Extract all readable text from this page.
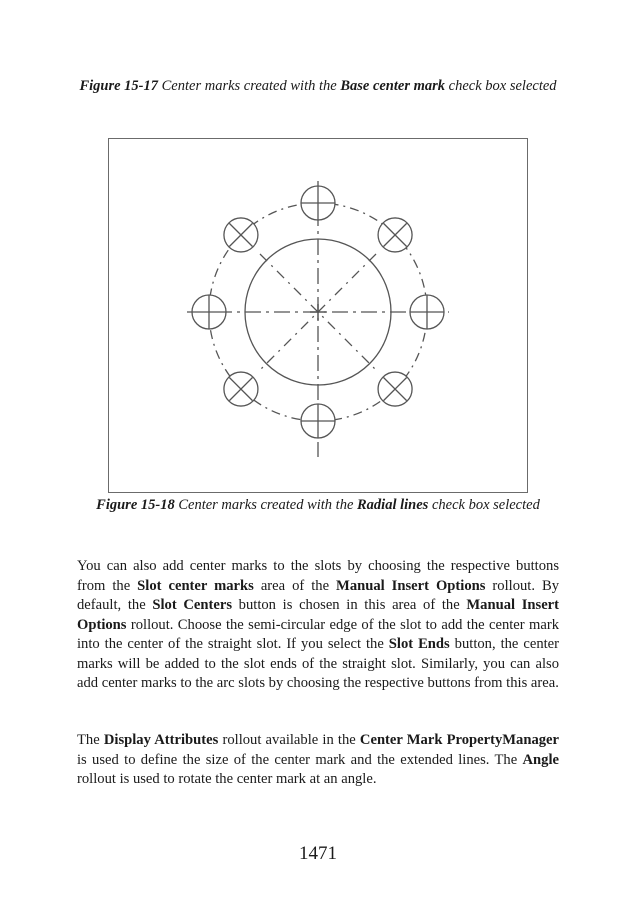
Figure 15-17 Center marks created with the Base center mark check box selected
Figure 15-18 Center marks created with the Radial lines check box selected

You can also add center marks to the slots by choosing the respective buttons from the Slot center marks area of the Manual Insert Options rollout. By default, the Slot Centers button is chosen in this area of the Manual Insert Options rollout. Choose the semi-circular edge of the slot to add the center mark into the center of the straight slot. If you select the Slot Ends button, the center marks will be added to the slot ends of the straight slot. Similarly, you can also add center marks to the arc slots by choosing the respective buttons from this area.

The Display Attributes rollout available in the Center Mark PropertyManager is used to define the size of the center mark and the extended lines. The Angle rollout is used to rotate the center mark at an angle.

1471
